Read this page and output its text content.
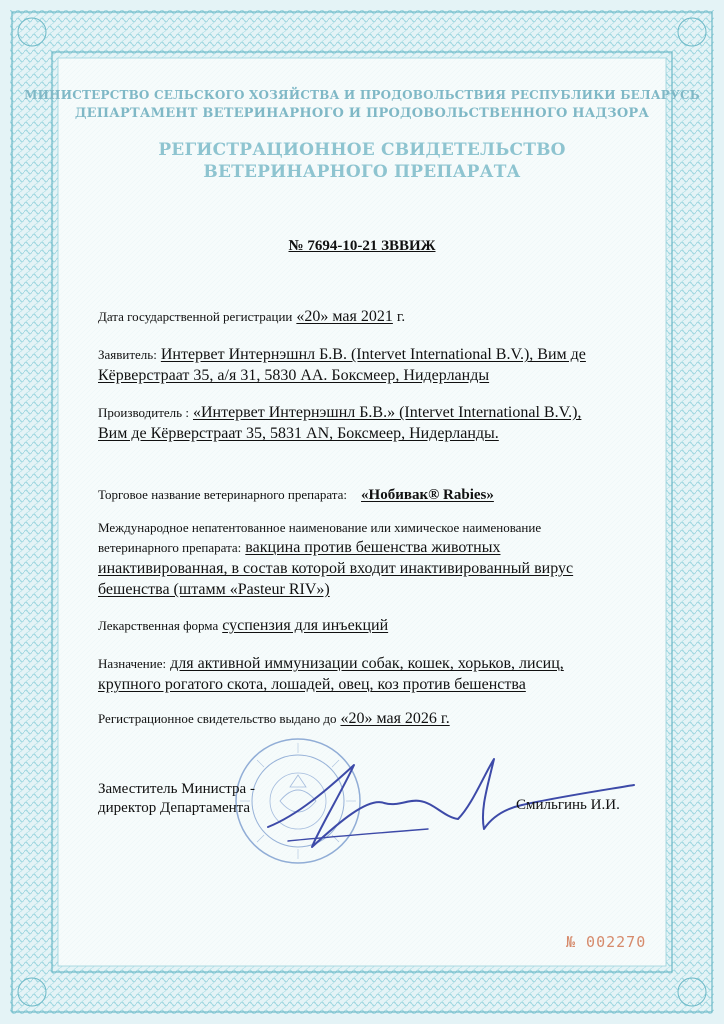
МИНИСТЕРСТВО СЕЛЬСКОГО ХОЗЯЙСТВА И ПРОДОВОЛЬСТВИЯ РЕСПУБЛИКИ БЕЛАРУСЬ
ДЕПАРТАМЕНТ ВЕТЕРИНАРНОГО И ПРОДОВОЛЬСТВЕННОГО НАДЗОРА
РЕГИСТРАЦИОННОЕ СВИДЕТЕЛЬСТВО
ВЕТЕРИНАРНОГО ПРЕПАРАТА
№ 7694-10-21 ЗВВИЖ
Дата государственной регистрации «20» мая 2021 г.
Заявитель: Интервет Интернэшнл Б.В. (Intervet International B.V.), Вим де
Кёрверстраат 35, а/я 31, 5830 АА. Боксмеер, Нидерланды
Производитель : «Интервет Интернэшнл Б.В.» (Intervet International B.V.),
Вим де Кёрверстраат 35, 5831 AN, Боксмеер, Нидерланды.
Торговое название ветеринарного препарата: «Нобивак® Rabies»
Международное непатентованное наименование или химическое наименование
ветеринарного препарата: вакцина против бешенства животных
инактивированная, в состав которой входит инактивированный вирус
бешенства (штамм «Pasteur RIV»)
Лекарственная форма суспензия для инъекций
Назначение: для активной иммунизации собак, кошек, хорьков, лисиц,
крупного рогатого скота, лошадей, овец, коз против бешенства
Регистрационное свидетельство выдано до «20» мая 2026 г.
Заместитель Министра -
директор Департамента	Смильгинь И.И.
№ 002270
